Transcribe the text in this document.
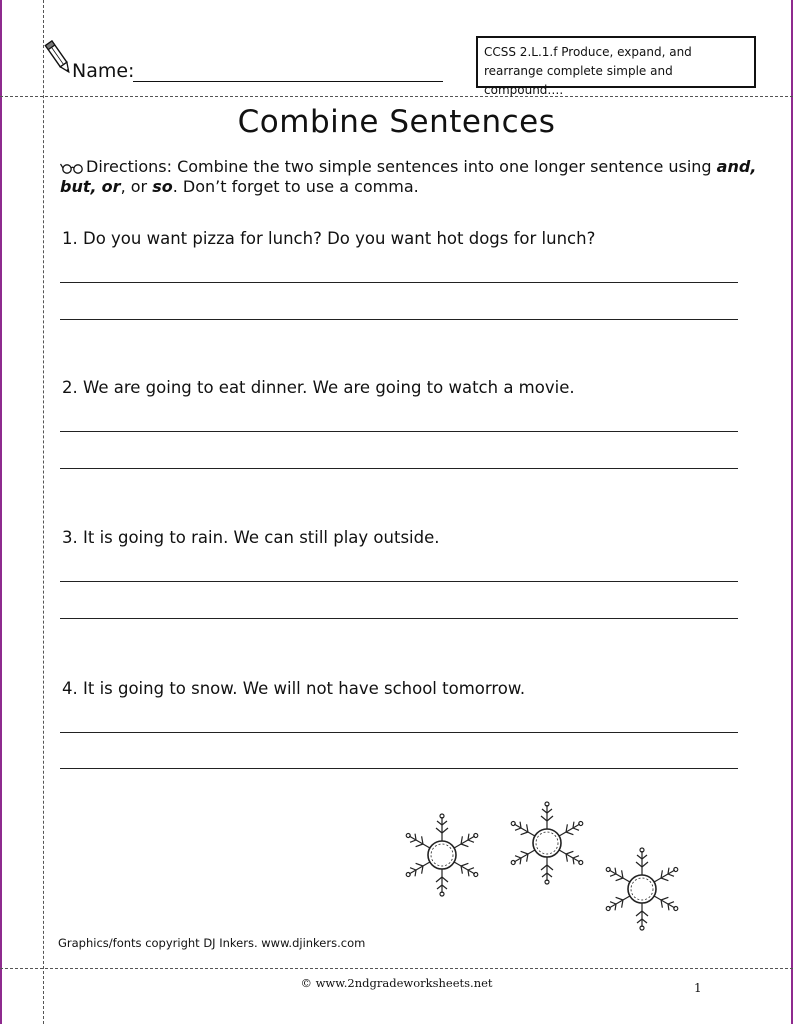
Name:
CCSS 2.L.1.f Produce, expand, and rearrange complete simple and compound….
Combine Sentences
Directions: Combine the two simple sentences into one longer sentence using and, but, or, or so. Don’t forget to use a comma.
1. Do you want pizza for lunch? Do you want hot dogs for lunch?
2. We are going to eat dinner. We are going to watch a movie.
3. It is going to rain. We can still play outside.
4. It is going to snow. We will not have school tomorrow.
Graphics/fonts copyright DJ Inkers. www.djinkers.com
© www.2ndgradeworksheets.net	1
